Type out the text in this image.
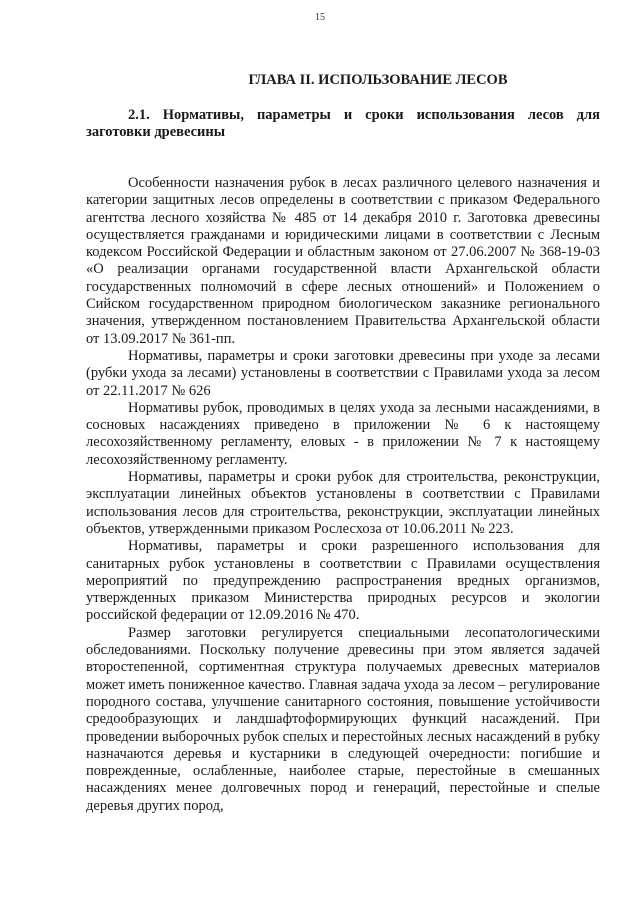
15
ГЛАВА II. ИСПОЛЬЗОВАНИЕ ЛЕСОВ
2.1. Нормативы, параметры и сроки использования лесов для заготовки древесины

Особенности назначения рубок в лесах различного целевого назначения и категории защитных лесов определены в соответствии с приказом Федерального агентства лесного хозяйства № 485 от 14 декабря 2010 г. Заготовка древесины осуществляется гражданами и юридическими лицами в соответствии с Лесным кодексом Российской Федерации и областным законом от 27.06.2007 № 368-19-03 «О реализации органами государственной власти Архангельской области государственных полномочий в сфере лесных отношений» и Положением о Сийском государственном природном биологическом заказнике регионального значения, утвержденном постановлением Правительства Архангельской области от 13.09.2017 № 361-пп.

Нормативы, параметры и сроки заготовки древесины при уходе за лесами (рубки ухода за лесами) установлены в соответствии с Правилами ухода за лесом от 22.11.2017 № 626

Нормативы рубок, проводимых в целях ухода за лесными насаждениями, в сосновых насаждениях приведено в приложении № 6 к настоящему лесохозяйственному регламенту, еловых - в приложении № 7 к настоящему лесохозяйственному регламенту.

Нормативы, параметры и сроки рубок для строительства, реконструкции, эксплуатации линейных объектов установлены в соответствии с Правилами использования лесов для строительства, реконструкции, эксплуатации линейных объектов, утвержденными приказом Рослесхоза от 10.06.2011 № 223.

Нормативы, параметры и сроки разрешенного использования для санитарных рубок установлены в соответствии с Правилами осуществления мероприятий по предупреждению распространения вредных организмов, утвержденных приказом Министерства природных ресурсов и экологии российской федерации от 12.09.2016 № 470.

Размер заготовки регулируется специальными лесопатологическими обследованиями. Поскольку получение древесины при этом является задачей второстепенной, сортиментная структура получаемых древесных материалов может иметь пониженное качество. Главная задача ухода за лесом – регулирование породного состава, улучшение санитарного состояния, повышение устойчивости средообразующих и ландшафтоформирующих функций насаждений. При проведении выборочных рубок спелых и перестойных лесных насаждений в рубку назначаются деревья и кустарники в следующей очередности: погибшие и поврежденные, ослабленные, наиболее старые, перестойные в смешанных насаждениях менее долговечных пород и генераций, перестойные и спелые деревья других пород,
